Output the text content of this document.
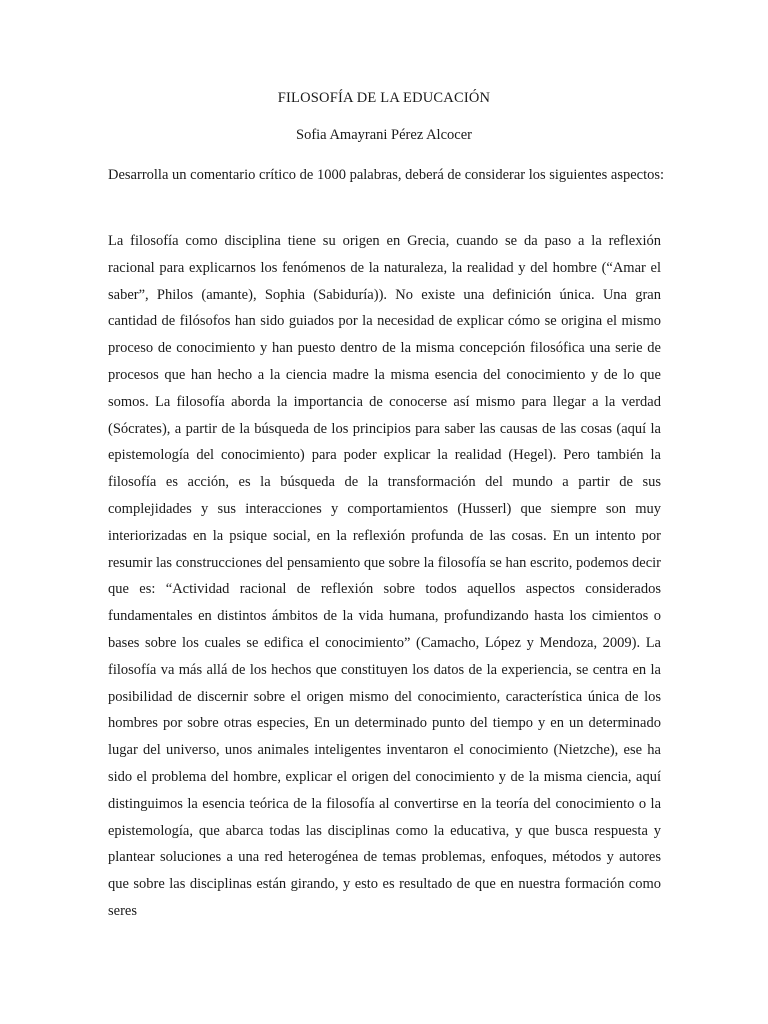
FILOSOFÍA DE LA EDUCACIÓN

Sofia Amayrani Pérez Alcocer

Desarrolla un comentario crítico de 1000 palabras, deberá de considerar los siguientes aspectos:

La filosofía como disciplina tiene su origen en Grecia, cuando se da paso a la reflexión racional para explicarnos los fenómenos de la naturaleza, la realidad y del hombre (“Amar el saber”, Philos (amante), Sophia (Sabiduría)). No existe una definición única. Una gran cantidad de filósofos han sido guiados por la necesidad de explicar cómo se origina el mismo proceso de conocimiento y han puesto dentro de la misma concepción filosófica una serie de procesos que han hecho a la ciencia madre la misma esencia del conocimiento y de lo que somos. La filosofía aborda la importancia de conocerse así mismo para llegar a la verdad (Sócrates), a partir de la búsqueda de los principios para saber las causas de las cosas (aquí la epistemología del conocimiento) para poder explicar la realidad (Hegel). Pero también la filosofía es acción, es la búsqueda de la transformación del mundo a partir de sus complejidades y sus interacciones y comportamientos (Husserl) que siempre son muy interiorizadas en la psique social, en la reflexión profunda de las cosas. En un intento por resumir las construcciones del pensamiento que sobre la filosofía se han escrito, podemos decir que es: “Actividad racional de reflexión sobre todos aquellos aspectos considerados fundamentales en distintos ámbitos de la vida humana, profundizando hasta los cimientos o bases sobre los cuales se edifica el conocimiento” (Camacho, López y Mendoza, 2009). La filosofía va más allá de los hechos que constituyen los datos de la experiencia, se centra en la posibilidad de discernir sobre el origen mismo del conocimiento, característica única de los hombres por sobre otras especies, En un determinado punto del tiempo y en un determinado lugar del universo, unos animales inteligentes inventaron el conocimiento (Nietzche), ese ha sido el problema del hombre, explicar el origen del conocimiento y de la misma ciencia, aquí distinguimos la esencia teórica de la filosofía al convertirse en la teoría del conocimiento o la epistemología, que abarca todas las disciplinas como la educativa, y que busca respuesta y plantear soluciones a una red heterogénea de temas problemas, enfoques, métodos y autores que sobre las disciplinas están girando, y esto es resultado de que en nuestra formación como seres
